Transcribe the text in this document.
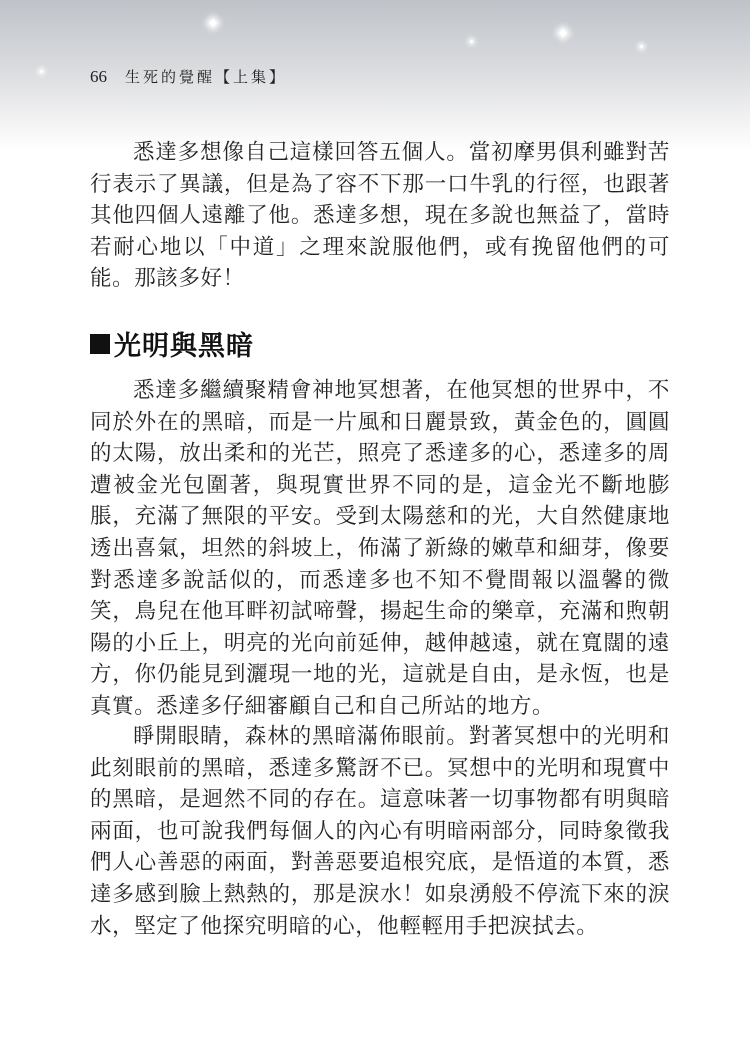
66 生死的覺醒【上集】

悉達多想像自己這樣回答五個人。當初摩男俱利雖對苦行表示了異議，但是為了容不下那一口牛乳的行徑，也跟著其他四個人遠離了他。悉達多想，現在多說也無益了，當時若耐心地以「中道」之理來說服他們，或有挽留他們的可能。那該多好！

光明與黑暗

悉達多繼續聚精會神地冥想著，在他冥想的世界中，不同於外在的黑暗，而是一片風和日麗景致，黃金色的，圓圓的太陽，放出柔和的光芒，照亮了悉達多的心，悉達多的周遭被金光包圍著，與現實世界不同的是，這金光不斷地膨脹，充滿了無限的平安。受到太陽慈和的光，大自然健康地透出喜氣，坦然的斜坡上，佈滿了新綠的嫩草和細芽，像要對悉達多說話似的，而悉達多也不知不覺間報以溫馨的微笑，鳥兒在他耳畔初試啼聲，揚起生命的樂章，充滿和煦朝陽的小丘上，明亮的光向前延伸，越伸越遠，就在寬闊的遠方，你仍能見到灑現一地的光，這就是自由，是永恆，也是真實。悉達多仔細審顧自己和自己所站的地方。

睜開眼睛，森林的黑暗滿佈眼前。對著冥想中的光明和此刻眼前的黑暗，悉達多驚訝不已。冥想中的光明和現實中的黑暗，是迴然不同的存在。這意味著一切事物都有明與暗兩面，也可說我們每個人的內心有明暗兩部分，同時象徵我們人心善惡的兩面，對善惡要追根究底，是悟道的本質，悉達多感到臉上熱熱的，那是淚水！如泉湧般不停流下來的淚水，堅定了他探究明暗的心，他輕輕用手把淚拭去。
